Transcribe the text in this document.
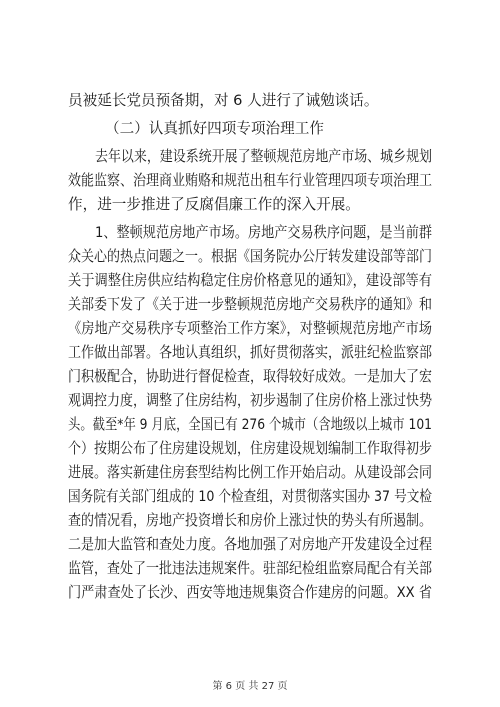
员被延长党员预备期，对 6 人进行了诫勉谈话。
（二）认真抓好四项专项治理工作
去年以来，建设系统开展了整顿规范房地产市场、城乡规划
效能监察、治理商业贿赂和规范出租车行业管理四项专项治理工
作，进一步推进了反腐倡廉工作的深入开展。
1、整顿规范房地产市场。房地产交易秩序问题，是当前群
众关心的热点问题之一。根据《国务院办公厅转发建设部等部门
关于调整住房供应结构稳定住房价格意见的通知》，建设部等有
关部委下发了《关于进一步整顿规范房地产交易秩序的通知》和
《房地产交易秩序专项整治工作方案》，对整顿规范房地产市场
工作做出部署。各地认真组织，抓好贯彻落实，派驻纪检监察部
门积极配合，协助进行督促检查，取得较好成效。一是加大了宏
观调控力度，调整了住房结构，初步遏制了住房价格上涨过快势
头。截至*年 9 月底，全国已有 276 个城市（含地级以上城市 101
个）按期公布了住房建设规划，住房建设规划编制工作取得初步
进展。落实新建住房套型结构比例工作开始启动。从建设部会同
国务院有关部门组成的 10 个检查组，对贯彻落实国办 37 号文检
查的情况看，房地产投资增长和房价上涨过快的势头有所遏制。
二是加大监管和查处力度。各地加强了对房地产开发建设全过程
监管，查处了一批违法违规案件。驻部纪检组监察局配合有关部
门严肃查处了长沙、西安等地违规集资合作建房的问题。XX 省
第 6 页 共 27 页
